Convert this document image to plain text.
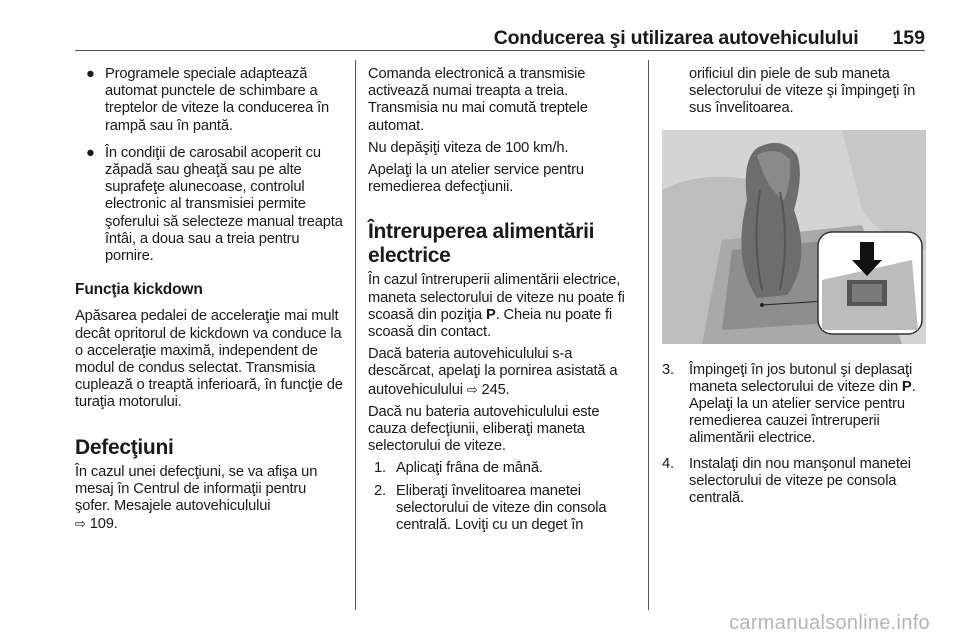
Conducerea şi utilizarea autovehiculului 159
● Programele speciale adaptează automat punctele de schimbare a treptelor de viteze la conducerea în rampă sau în pantă.
● În condiţii de carosabil acoperit cu zăpadă sau gheaţă sau pe alte suprafeţe alunecoase, controlul electronic al transmisiei permite şoferului să selecteze manual treapta întâi, a doua sau a treia pentru pornire.
Funcţia kickdown

Apăsarea pedalei de acceleraţie mai mult decât opritorul de kickdown va conduce la o acceleraţie maximă, independent de modul de condus selectat. Transmisia cuplează o treaptă inferioară, în funcţie de turaţia motorului.

Defecţiuni

În cazul unei defecţiuni, se va afişa un mesaj în Centrul de informaţii pentru şofer. Mesajele autovehiculului
⇨ 109.

Comanda electronică a transmisie activează numai treapta a treia. Transmisia nu mai comută treptele automat.

Nu depăşiţi viteza de 100 km/h.

Apelaţi la un atelier service pentru remedierea defecţiunii.

Întreruperea alimentării electrice

În cazul întreruperii alimentării electrice, maneta selectorului de viteze nu poate fi scoasă din poziţia P. Cheia nu poate fi scoasă din contact.

Dacă bateria autovehiculului s-a descărcat, apelaţi la pornirea asistată a autovehiculului ⇨ 245.

Dacă nu bateria autovehiculului este cauza defecţiunii, eliberaţi maneta selectorului de viteze.

1. Aplicaţi frâna de mână.
2. Eliberaţi învelitoarea manetei selectorului de viteze din consola centrală. Loviţi cu un deget în

orificiul din piele de sub maneta selectorului de viteze şi împingeţi în sus învelitoarea.

3. Împingeţi în jos butonul şi deplasaţi maneta selectorului de viteze din P. Apelaţi la un atelier service pentru remedierea cauzei întreruperii alimentării electrice.
4. Instalaţi din nou manşonul manetei selectorului de viteze pe consola centrală.
carmanualsonline.info
